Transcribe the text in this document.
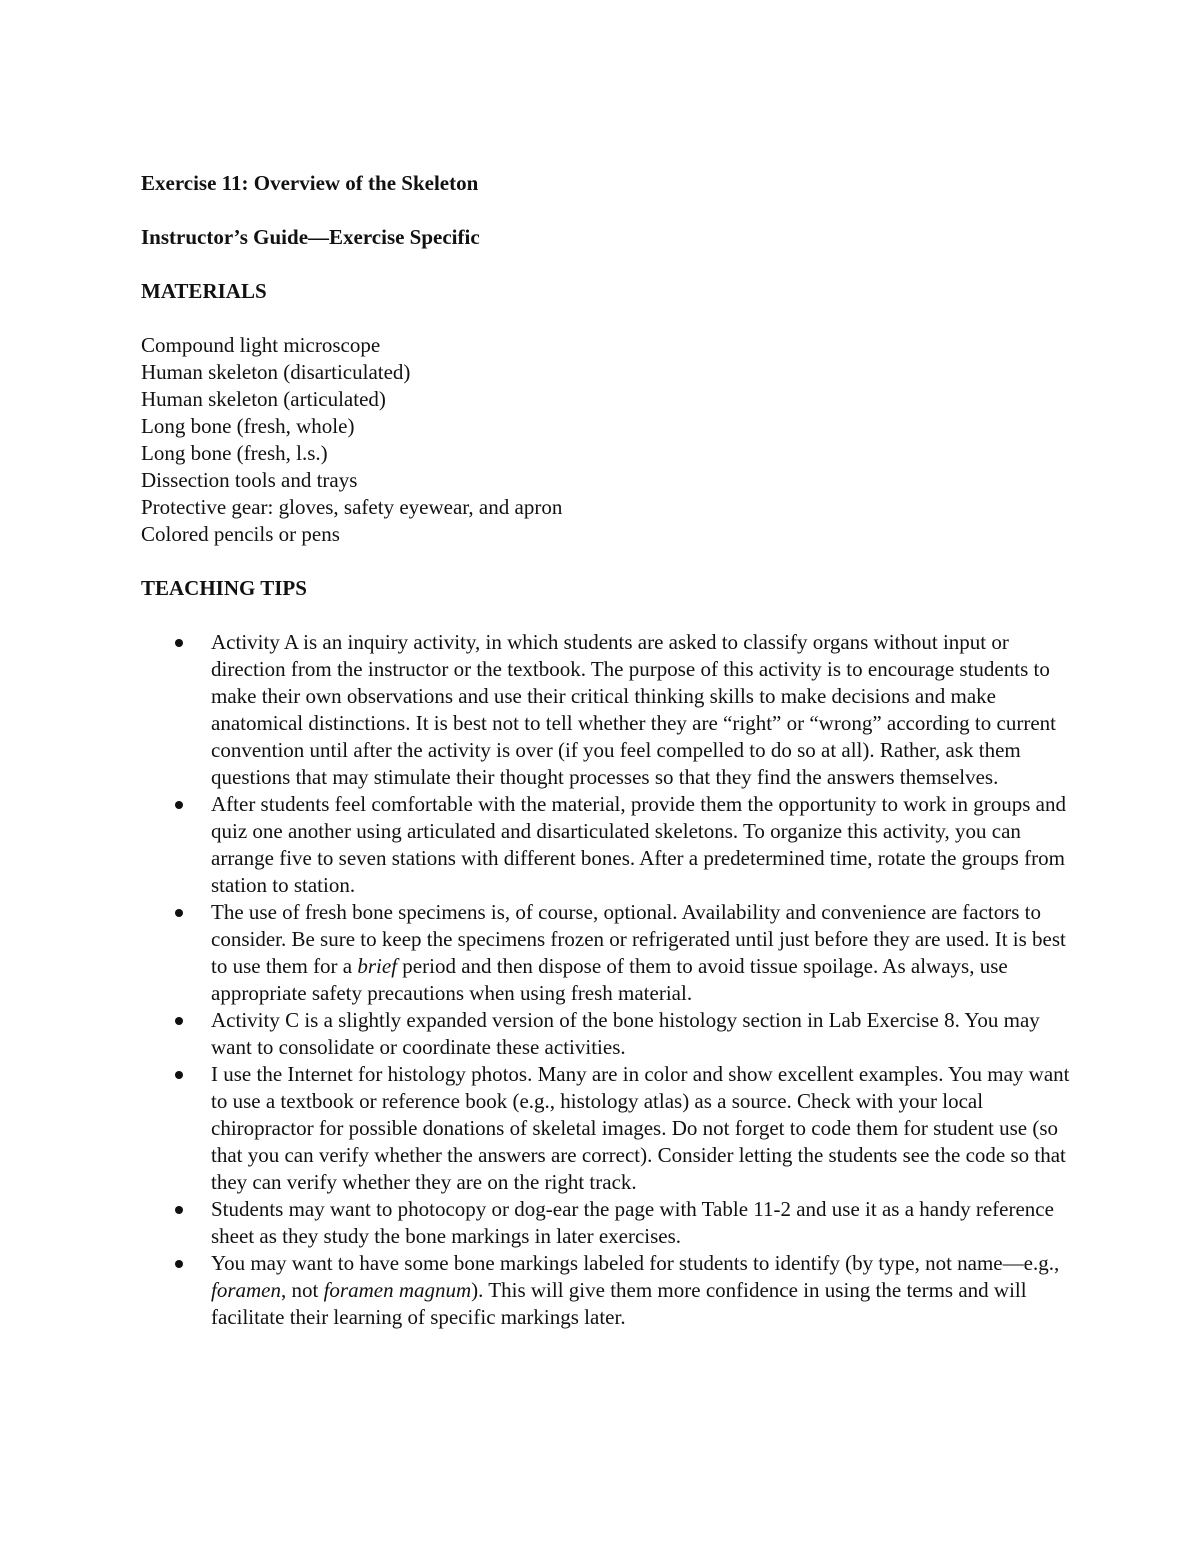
Exercise 11: Overview of the Skeleton

Instructor’s Guide—Exercise Specific

MATERIALS

Compound light microscope
Human skeleton (disarticulated)
Human skeleton (articulated)
Long bone (fresh, whole)
Long bone (fresh, l.s.)
Dissection tools and trays
Protective gear: gloves, safety eyewear, and apron
Colored pencils or pens

TEACHING TIPS

Activity A is an inquiry activity, in which students are asked to classify organs without input or direction from the instructor or the textbook. The purpose of this activity is to encourage students to make their own observations and use their critical thinking skills to make decisions and make anatomical distinctions. It is best not to tell whether they are “right” or “wrong” according to current convention until after the activity is over (if you feel compelled to do so at all). Rather, ask them questions that may stimulate their thought processes so that they find the answers themselves.
After students feel comfortable with the material, provide them the opportunity to work in groups and quiz one another using articulated and disarticulated skeletons. To organize this activity, you can arrange five to seven stations with different bones. After a predetermined time, rotate the groups from station to station.
The use of fresh bone specimens is, of course, optional. Availability and convenience are factors to consider. Be sure to keep the specimens frozen or refrigerated until just before they are used. It is best to use them for a brief period and then dispose of them to avoid tissue spoilage. As always, use appropriate safety precautions when using fresh material.
Activity C is a slightly expanded version of the bone histology section in Lab Exercise 8. You may want to consolidate or coordinate these activities.
I use the Internet for histology photos. Many are in color and show excellent examples. You may want to use a textbook or reference book (e.g., histology atlas) as a source. Check with your local chiropractor for possible donations of skeletal images. Do not forget to code them for student use (so that you can verify whether the answers are correct). Consider letting the students see the code so that they can verify whether they are on the right track.
Students may want to photocopy or dog-ear the page with Table 11-2 and use it as a handy reference sheet as they study the bone markings in later exercises.
You may want to have some bone markings labeled for students to identify (by type, not name—e.g., foramen, not foramen magnum). This will give them more confidence in using the terms and will facilitate their learning of specific markings later.
